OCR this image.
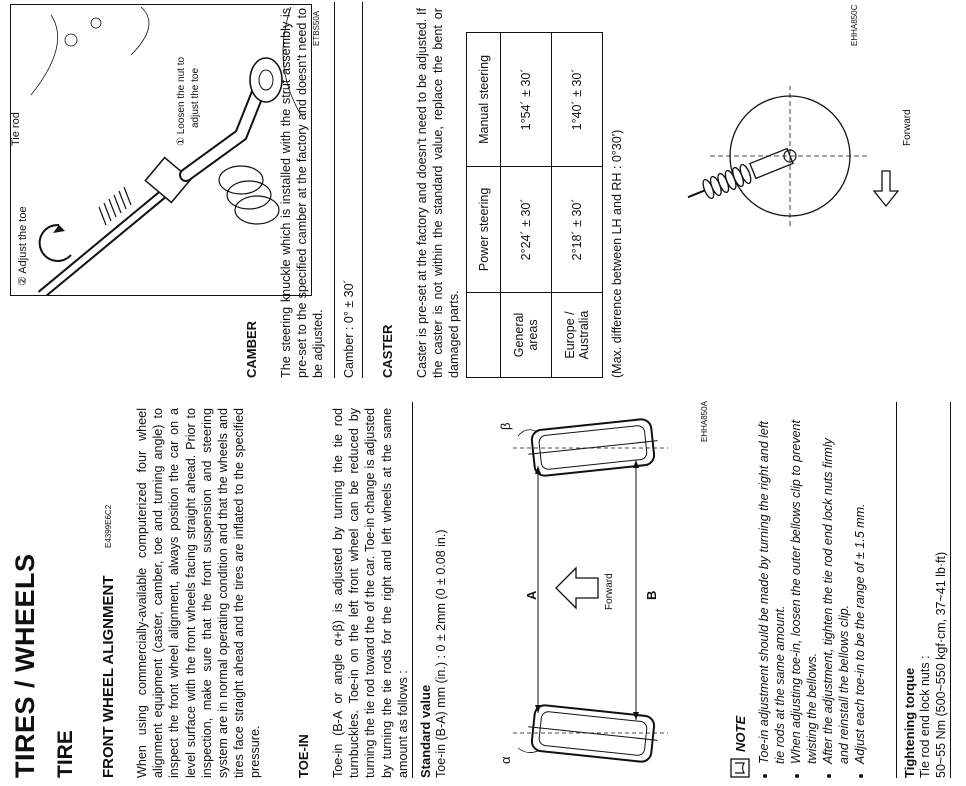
TIRES / WHEELS TIRE FRONT WHEEL ALIGNMENT
E4399E6C2 When using commercially-available computerized four wheel alignment equipment (caster, camber, toe and turning angle) to inspect the front wheel alignment, always position the car on a level surface with the front wheels facing straight ahead. Prior to inspection, make sure that the front suspension and steering system are in normal operating condition and that the wheels and tires face straight ahead and the tires are inflated to the specified pressure.	TOE-IN Toe-in (B-A or angle α+β) is adjusted by turning the tie rod turnbuckles. Toe-in on the left front wheel can be reduced by turning the tie rod toward the of the car. Toe-in change is adjusted by turning the tie rods for the right and left wheels at the same amount as follows : Standard value Toe-in (B-A) mm (in.) : 0 ± 2mm (0 ± 0.08 in.)	α
β
A	B
Forward
EHHA850A
NOTE • Toe-in adjustment should be made by turning the right and left tie rods at the same amount. • When adjusting toe-in, loosen the outer bellows clip to prevent twisting the bellows. • After the adjustment, tighten the tie rod end lock nuts firmly and reinstall the bellows clip. • Adjust each toe-in to be the range of ± 1.5 mm.	Tightening torque Tie rod end lock nuts : 50~55 Nm (500~550 kgf·cm, 37~41 lb·ft)
② Adjust the toe
① Loosen the nut to adjust the toe
Tie rod
ETBS50A
CAMBER The steering knuckle which is installed with the strut assembly is pre-set to the specified camber at the factory and doesn't need to be adjusted. Camber : 0° ± 30´ CASTER Caster is pre-set at the factory and doesn't need to be adjusted. If the caster is not within the standard value, replace the bent or damaged parts.
	Power steering	Manual steering
General areas	2°24´ ± 30´	1°54´ ± 30´
Europe / Australia	2°18´ ± 30´	1°40´ ± 30´
(Max. difference between LH and RH : 0°30')
Forward
EHHA850C
